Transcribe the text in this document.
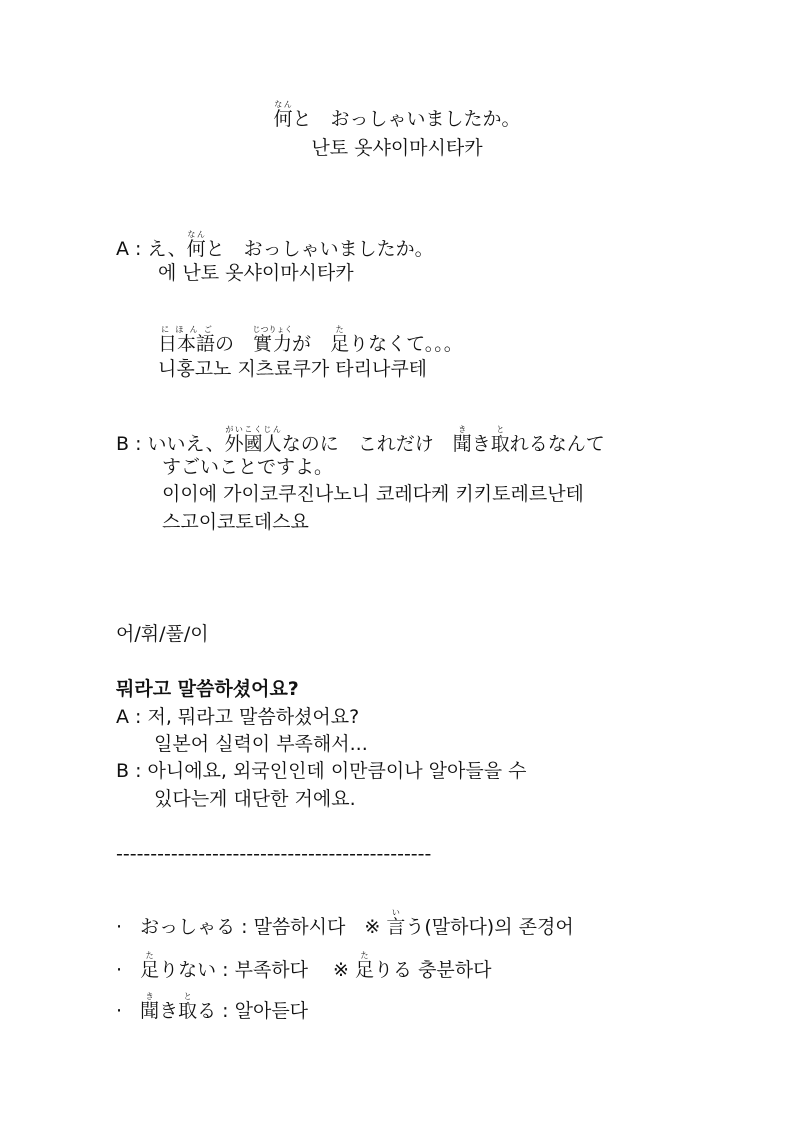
何なんと　おっしゃいましたか。
난토 옷샤이마시타카
A : え、何なんと　おっしゃいましたか。
에 난토 옷샤이마시타카
日本語にほんごの　實力じつりょくが　足たりなくて。。。
니홍고노 지츠료쿠가 타리나쿠테
B : いいえ、外國人がいこくじんなのに　これだけ　聞きき取とれるなんて
すごいことですよ。
이이에 가이코쿠진나노니 코레다케 키키토레르난테
스고이코토데스요
어/휘/풀/이
뭐라고 말씀하셨어요?
A : 저, 뭐라고 말씀하셨어요?
일본어 실력이 부족해서...
B : 아니에요, 외국인인데 이만큼이나 알아들을 수
있다는게 대단한 거에요.
----------------------------------------------
· おっしゃる : 말씀하시다　※ 言いう(말하다)의 존경어
· 足たりない : 부족하다　 ※ 足たりる 충분하다
· 聞きき取とる : 알아듣다
